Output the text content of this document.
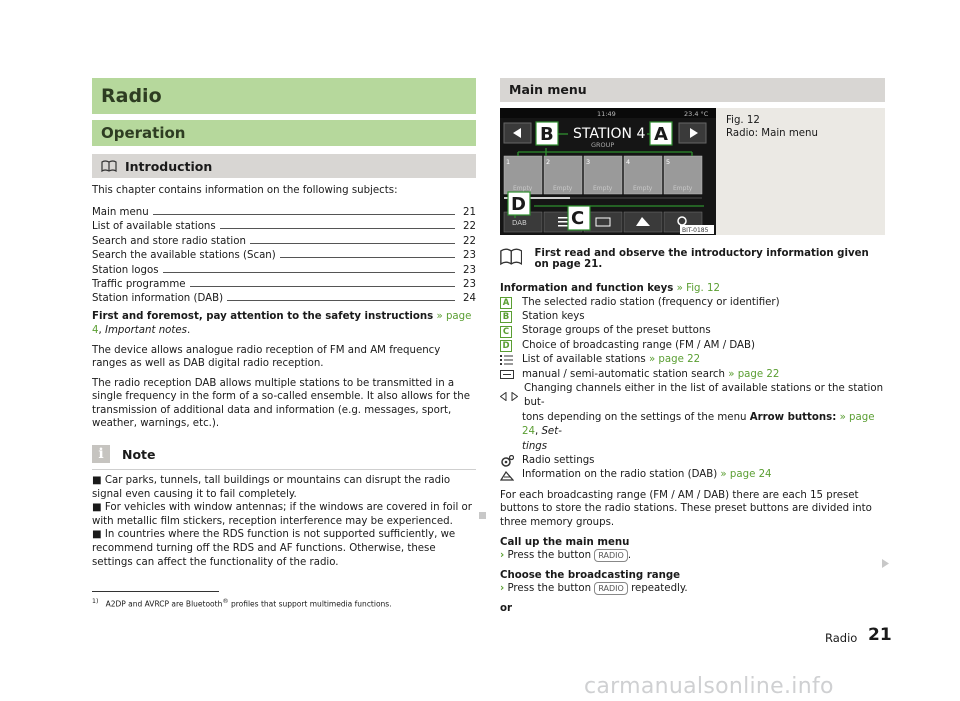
Radio
Operation
Introduction

This chapter contains information on the following subjects:

Main menu	21
List of available stations	22
Search and store radio station	22
Search the available stations (Scan)	23
Station logos	23
Traffic programme	23
Station information (DAB)	24

First and foremost, pay attention to the safety instructions » page 4, Important notes.

The device allows analogue radio reception of FM and AM frequency ranges as well as DAB digital radio reception.

The radio reception DAB allows multiple stations to be transmitted in a single frequency in the form of a so-called ensemble. It also allows for the transmission of additional data and information (e.g. messages, sport, weather, warnings, etc.).

i	Note

■ Car parks, tunnels, tall buildings or mountains can disrupt the radio signal even causing it to fail completely.

■ For vehicles with window antennas; if the windows are covered in foil or with metallic film stickers, reception interference may be experienced.

■ In countries where the RDS function is not supported sufficiently, we recommend turning off the RDS and AF functions. Otherwise, these settings can affect the functionality of the radio.

Main menu
11:49	23.4 °C
STATION 4
GROUP
1	2	3	4	5
Empty	Empty	Empty	Empty	Empty
DAB
B	A
C
D
BIT-0185
Fig. 12
Radio: Main menu
First read and observe the introductory information given on page 21.

Information and function keys » Fig. 12

A The selected radio station (frequency or identifier)
B Station keys
C Storage groups of the preset buttons
D Choice of broadcasting range (FM / AM / DAB)
List of available stations » page 22
manual / semi-automatic station search » page 22
Changing channels either in the list of available stations or the station but-
tons depending on the settings of the menu Arrow buttons: » page 24, Set-
tings
Radio settings
Information on the radio station (DAB) » page 24

For each broadcasting range (FM / AM / DAB) there are each 15 preset buttons to store the radio stations. These preset buttons are divided into three memory groups.

Call up the main menu

› Press the button RADIO .

Choose the broadcasting range

› Press the button RADIO repeatedly.

or

$^{1)}$ A2DP and AVRCP are Bluetooth® profiles that support multimedia functions.
Radio 21
carmanualsonline.info
